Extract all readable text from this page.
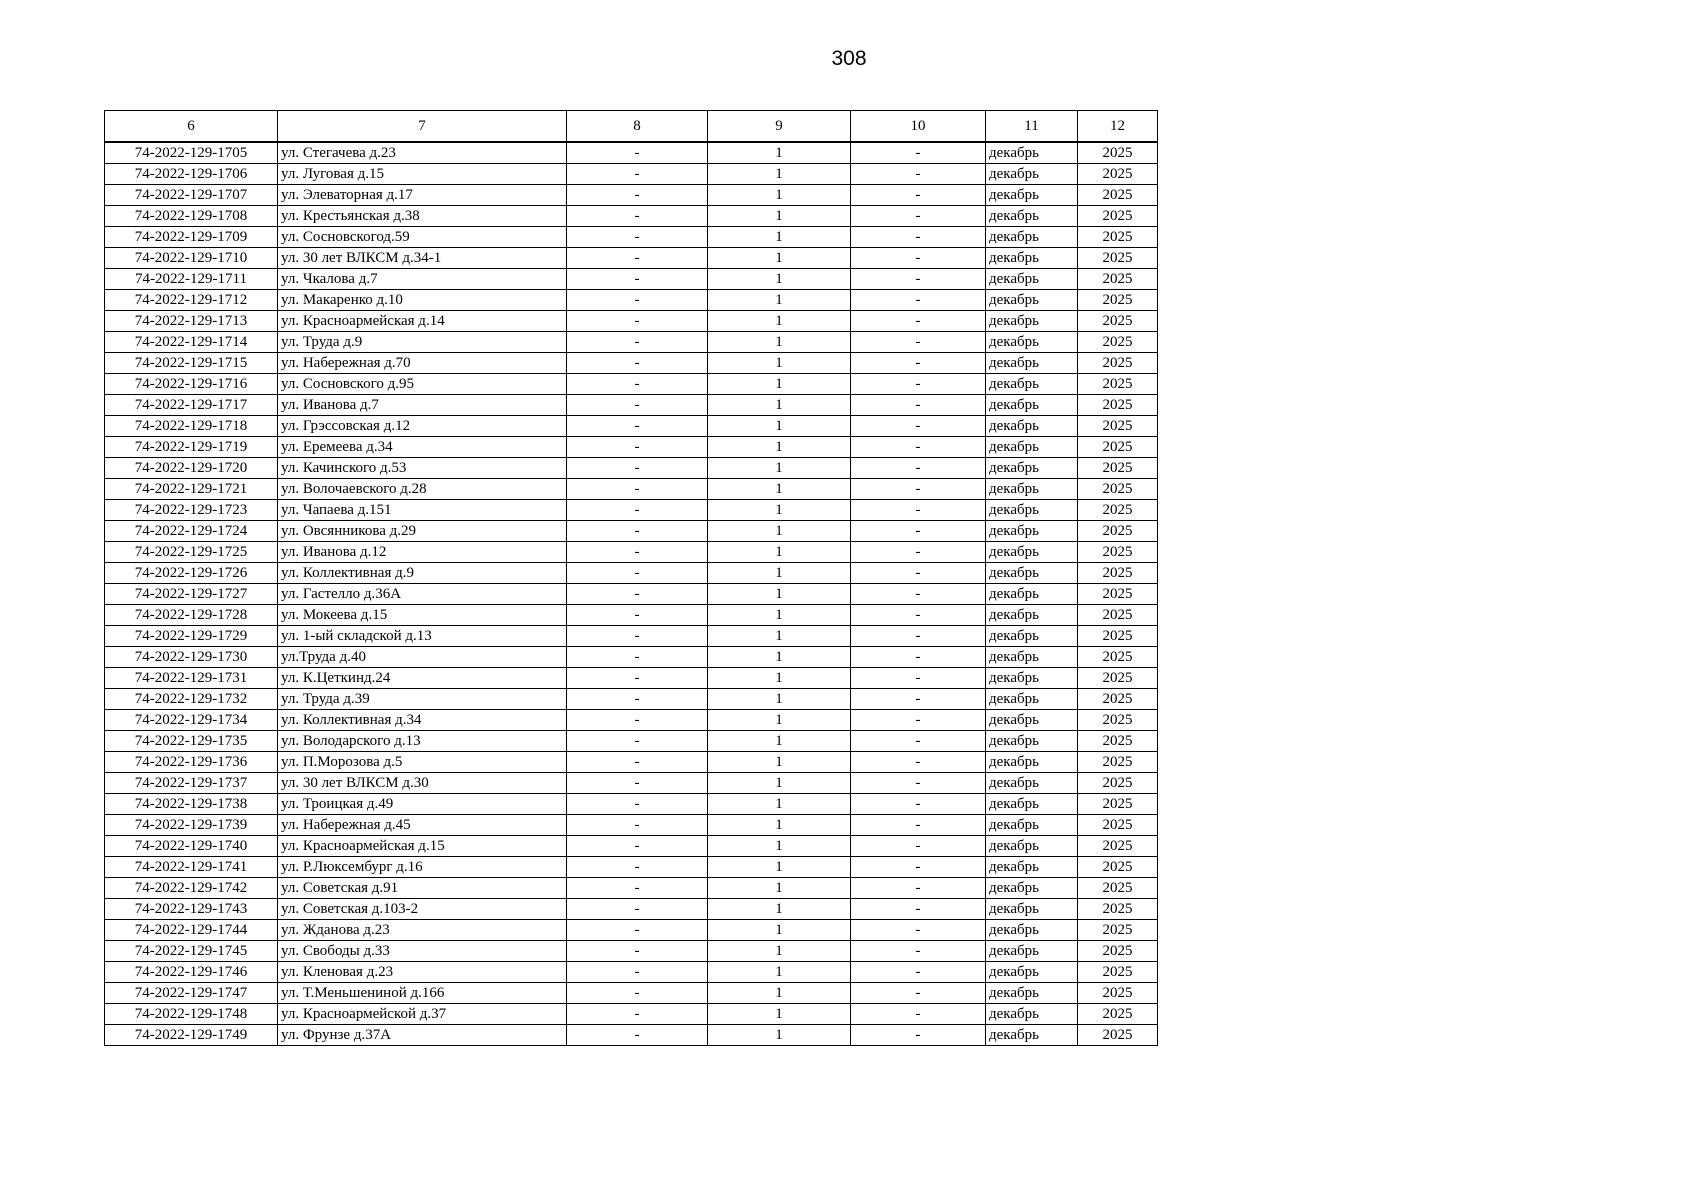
308
6	7	8	9	10	11	12
74-2022-129-1705	ул. Стегачева д.23	-	1	-	декабрь	2025
74-2022-129-1706	ул. Луговая д.15	-	1	-	декабрь	2025
74-2022-129-1707	ул. Элеваторная д.17	-	1	-	декабрь	2025
74-2022-129-1708	ул. Крестьянская д.38	-	1	-	декабрь	2025
74-2022-129-1709	ул. Сосновскогод.59	-	1	-	декабрь	2025
74-2022-129-1710	ул. 30 лет ВЛКСМ д.34-1	-	1	-	декабрь	2025
74-2022-129-1711	ул. Чкалова д.7	-	1	-	декабрь	2025
74-2022-129-1712	ул. Макаренко д.10	-	1	-	декабрь	2025
74-2022-129-1713	ул. Красноармейская д.14	-	1	-	декабрь	2025
74-2022-129-1714	ул. Труда д.9	-	1	-	декабрь	2025
74-2022-129-1715	ул. Набережная д.70	-	1	-	декабрь	2025
74-2022-129-1716	ул. Сосновского д.95	-	1	-	декабрь	2025
74-2022-129-1717	ул. Иванова д.7	-	1	-	декабрь	2025
74-2022-129-1718	ул. Грэссовская д.12	-	1	-	декабрь	2025
74-2022-129-1719	ул. Еремеева д.34	-	1	-	декабрь	2025
74-2022-129-1720	ул. Качинского д.53	-	1	-	декабрь	2025
74-2022-129-1721	ул. Волочаевского д.28	-	1	-	декабрь	2025
74-2022-129-1723	ул. Чапаева д.151	-	1	-	декабрь	2025
74-2022-129-1724	ул. Овсянникова д.29	-	1	-	декабрь	2025
74-2022-129-1725	ул. Иванова д.12	-	1	-	декабрь	2025
74-2022-129-1726	ул. Коллективная д.9	-	1	-	декабрь	2025
74-2022-129-1727	ул. Гастелло д.36А	-	1	-	декабрь	2025
74-2022-129-1728	ул. Мокеева д.15	-	1	-	декабрь	2025
74-2022-129-1729	ул. 1-ый складской д.13	-	1	-	декабрь	2025
74-2022-129-1730	ул.Труда д.40	-	1	-	декабрь	2025
74-2022-129-1731	ул. К.Цеткинд.24	-	1	-	декабрь	2025
74-2022-129-1732	ул. Труда д.39	-	1	-	декабрь	2025
74-2022-129-1734	ул. Коллективная д.34	-	1	-	декабрь	2025
74-2022-129-1735	ул. Володарского д.13	-	1	-	декабрь	2025
74-2022-129-1736	ул. П.Морозова д.5	-	1	-	декабрь	2025
74-2022-129-1737	ул. 30 лет ВЛКСМ д.30	-	1	-	декабрь	2025
74-2022-129-1738	ул. Троицкая д.49	-	1	-	декабрь	2025
74-2022-129-1739	ул. Набережная д.45	-	1	-	декабрь	2025
74-2022-129-1740	ул. Красноармейская д.15	-	1	-	декабрь	2025
74-2022-129-1741	ул. Р.Люксембург д.16	-	1	-	декабрь	2025
74-2022-129-1742	ул. Советская д.91	-	1	-	декабрь	2025
74-2022-129-1743	ул. Советская д.103-2	-	1	-	декабрь	2025
74-2022-129-1744	ул. Жданова д.23	-	1	-	декабрь	2025
74-2022-129-1745	ул. Свободы д.33	-	1	-	декабрь	2025
74-2022-129-1746	ул. Кленовая д.23	-	1	-	декабрь	2025
74-2022-129-1747	ул. Т.Меньшениной д.166	-	1	-	декабрь	2025
74-2022-129-1748	ул. Красноармейской д.37	-	1	-	декабрь	2025
74-2022-129-1749	ул. Фрунзе д.37А	-	1	-	декабрь	2025
